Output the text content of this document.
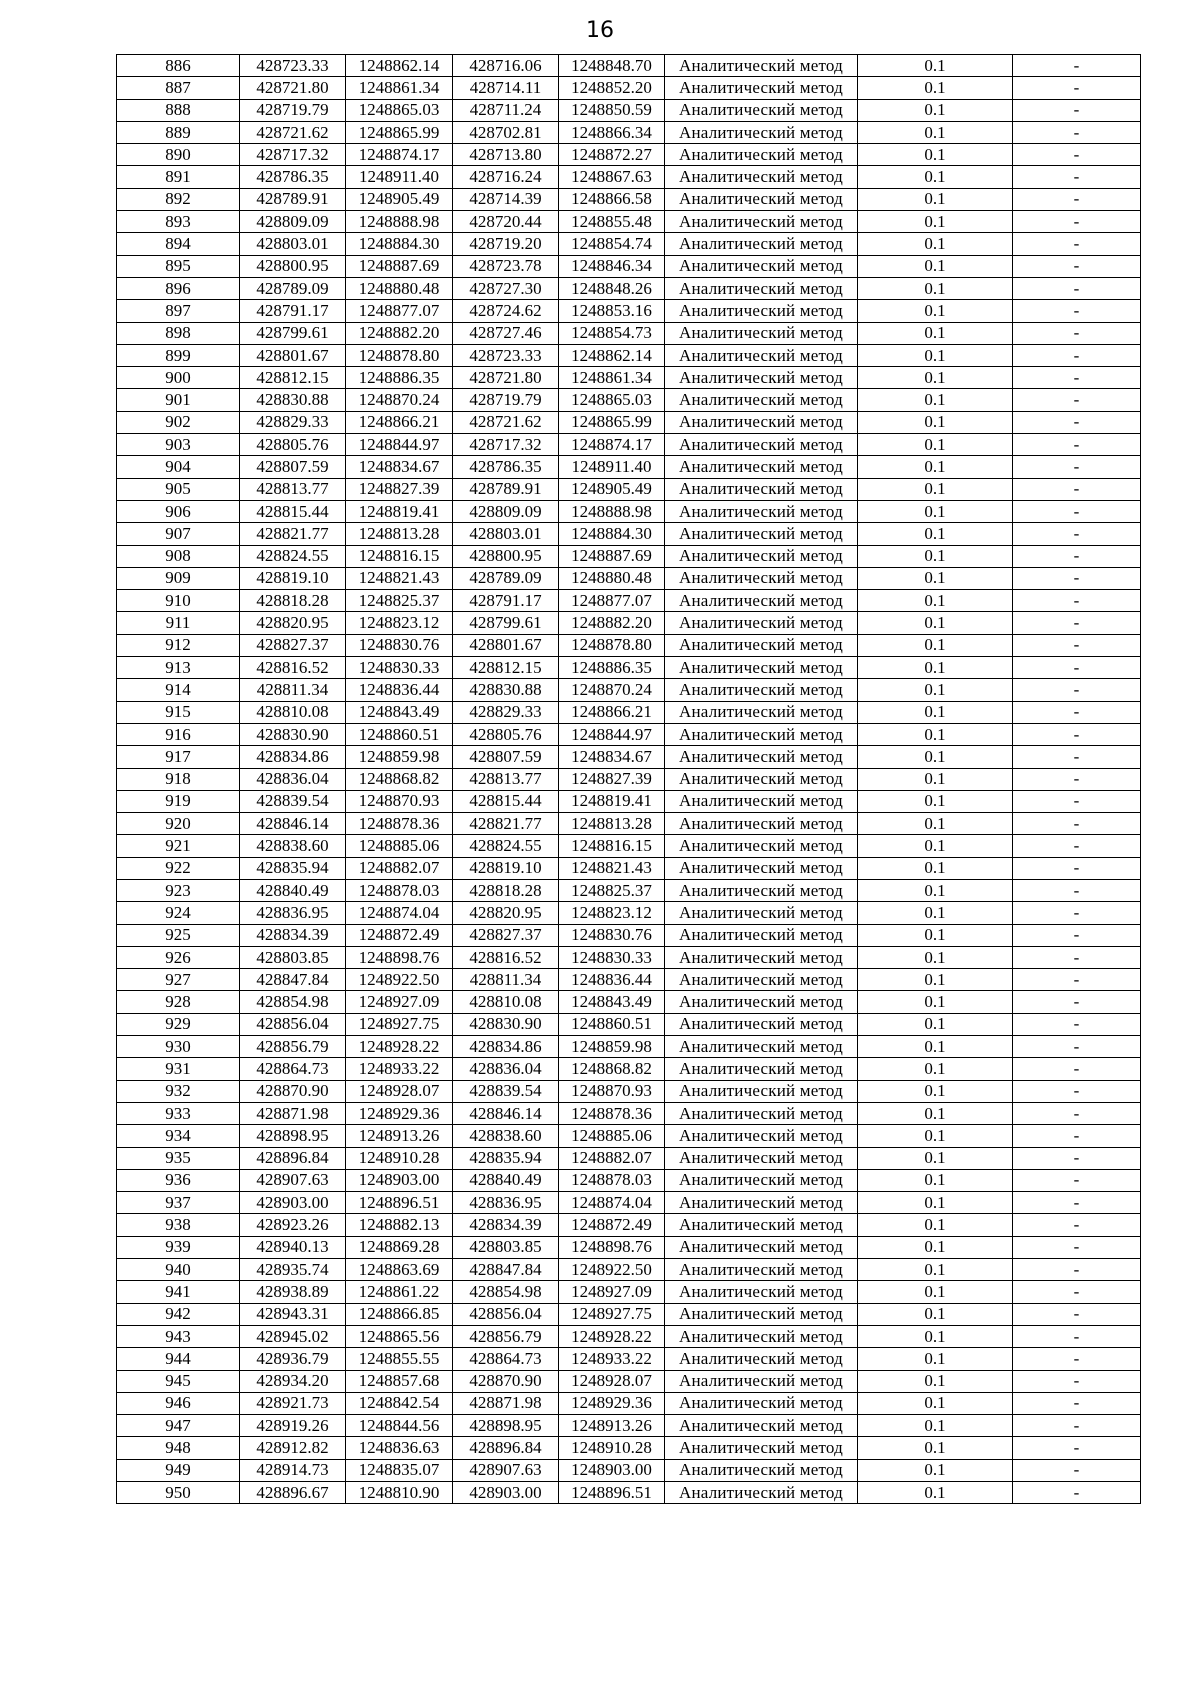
16
886	428723.33	1248862.14	428716.06	1248848.70	Аналитический метод	0.1	-
887	428721.80	1248861.34	428714.11	1248852.20	Аналитический метод	0.1	-
888	428719.79	1248865.03	428711.24	1248850.59	Аналитический метод	0.1	-
889	428721.62	1248865.99	428702.81	1248866.34	Аналитический метод	0.1	-
890	428717.32	1248874.17	428713.80	1248872.27	Аналитический метод	0.1	-
891	428786.35	1248911.40	428716.24	1248867.63	Аналитический метод	0.1	-
892	428789.91	1248905.49	428714.39	1248866.58	Аналитический метод	0.1	-
893	428809.09	1248888.98	428720.44	1248855.48	Аналитический метод	0.1	-
894	428803.01	1248884.30	428719.20	1248854.74	Аналитический метод	0.1	-
895	428800.95	1248887.69	428723.78	1248846.34	Аналитический метод	0.1	-
896	428789.09	1248880.48	428727.30	1248848.26	Аналитический метод	0.1	-
897	428791.17	1248877.07	428724.62	1248853.16	Аналитический метод	0.1	-
898	428799.61	1248882.20	428727.46	1248854.73	Аналитический метод	0.1	-
899	428801.67	1248878.80	428723.33	1248862.14	Аналитический метод	0.1	-
900	428812.15	1248886.35	428721.80	1248861.34	Аналитический метод	0.1	-
901	428830.88	1248870.24	428719.79	1248865.03	Аналитический метод	0.1	-
902	428829.33	1248866.21	428721.62	1248865.99	Аналитический метод	0.1	-
903	428805.76	1248844.97	428717.32	1248874.17	Аналитический метод	0.1	-
904	428807.59	1248834.67	428786.35	1248911.40	Аналитический метод	0.1	-
905	428813.77	1248827.39	428789.91	1248905.49	Аналитический метод	0.1	-
906	428815.44	1248819.41	428809.09	1248888.98	Аналитический метод	0.1	-
907	428821.77	1248813.28	428803.01	1248884.30	Аналитический метод	0.1	-
908	428824.55	1248816.15	428800.95	1248887.69	Аналитический метод	0.1	-
909	428819.10	1248821.43	428789.09	1248880.48	Аналитический метод	0.1	-
910	428818.28	1248825.37	428791.17	1248877.07	Аналитический метод	0.1	-
911	428820.95	1248823.12	428799.61	1248882.20	Аналитический метод	0.1	-
912	428827.37	1248830.76	428801.67	1248878.80	Аналитический метод	0.1	-
913	428816.52	1248830.33	428812.15	1248886.35	Аналитический метод	0.1	-
914	428811.34	1248836.44	428830.88	1248870.24	Аналитический метод	0.1	-
915	428810.08	1248843.49	428829.33	1248866.21	Аналитический метод	0.1	-
916	428830.90	1248860.51	428805.76	1248844.97	Аналитический метод	0.1	-
917	428834.86	1248859.98	428807.59	1248834.67	Аналитический метод	0.1	-
918	428836.04	1248868.82	428813.77	1248827.39	Аналитический метод	0.1	-
919	428839.54	1248870.93	428815.44	1248819.41	Аналитический метод	0.1	-
920	428846.14	1248878.36	428821.77	1248813.28	Аналитический метод	0.1	-
921	428838.60	1248885.06	428824.55	1248816.15	Аналитический метод	0.1	-
922	428835.94	1248882.07	428819.10	1248821.43	Аналитический метод	0.1	-
923	428840.49	1248878.03	428818.28	1248825.37	Аналитический метод	0.1	-
924	428836.95	1248874.04	428820.95	1248823.12	Аналитический метод	0.1	-
925	428834.39	1248872.49	428827.37	1248830.76	Аналитический метод	0.1	-
926	428803.85	1248898.76	428816.52	1248830.33	Аналитический метод	0.1	-
927	428847.84	1248922.50	428811.34	1248836.44	Аналитический метод	0.1	-
928	428854.98	1248927.09	428810.08	1248843.49	Аналитический метод	0.1	-
929	428856.04	1248927.75	428830.90	1248860.51	Аналитический метод	0.1	-
930	428856.79	1248928.22	428834.86	1248859.98	Аналитический метод	0.1	-
931	428864.73	1248933.22	428836.04	1248868.82	Аналитический метод	0.1	-
932	428870.90	1248928.07	428839.54	1248870.93	Аналитический метод	0.1	-
933	428871.98	1248929.36	428846.14	1248878.36	Аналитический метод	0.1	-
934	428898.95	1248913.26	428838.60	1248885.06	Аналитический метод	0.1	-
935	428896.84	1248910.28	428835.94	1248882.07	Аналитический метод	0.1	-
936	428907.63	1248903.00	428840.49	1248878.03	Аналитический метод	0.1	-
937	428903.00	1248896.51	428836.95	1248874.04	Аналитический метод	0.1	-
938	428923.26	1248882.13	428834.39	1248872.49	Аналитический метод	0.1	-
939	428940.13	1248869.28	428803.85	1248898.76	Аналитический метод	0.1	-
940	428935.74	1248863.69	428847.84	1248922.50	Аналитический метод	0.1	-
941	428938.89	1248861.22	428854.98	1248927.09	Аналитический метод	0.1	-
942	428943.31	1248866.85	428856.04	1248927.75	Аналитический метод	0.1	-
943	428945.02	1248865.56	428856.79	1248928.22	Аналитический метод	0.1	-
944	428936.79	1248855.55	428864.73	1248933.22	Аналитический метод	0.1	-
945	428934.20	1248857.68	428870.90	1248928.07	Аналитический метод	0.1	-
946	428921.73	1248842.54	428871.98	1248929.36	Аналитический метод	0.1	-
947	428919.26	1248844.56	428898.95	1248913.26	Аналитический метод	0.1	-
948	428912.82	1248836.63	428896.84	1248910.28	Аналитический метод	0.1	-
949	428914.73	1248835.07	428907.63	1248903.00	Аналитический метод	0.1	-
950	428896.67	1248810.90	428903.00	1248896.51	Аналитический метод	0.1	-
